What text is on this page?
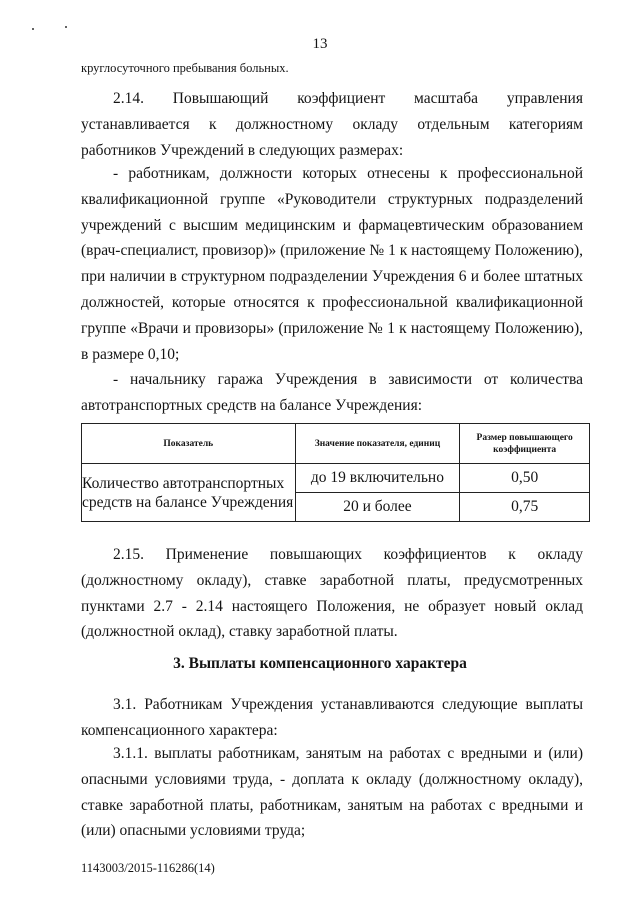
13
круглосуточного пребывания больных.

2.14. Повышающий коэффициент масштаба управления устанавливается к должностному окладу отдельным категориям работников Учреждений в следующих размерах:

- работникам, должности которых отнесены к профессиональной квалификационной группе «Руководители структурных подразделений учреждений с высшим медицинским и фармацевтическим образованием (врач-специалист, провизор)» (приложение № 1 к настоящему Положению), при наличии в структурном подразделении Учреждения 6 и более штатных должностей, которые относятся к профессиональной квалификационной группе «Врачи и провизоры» (приложение № 1 к настоящему Положению), в размере 0,10;

- начальнику гаража Учреждения в зависимости от количества автотранспортных средств на балансе Учреждения:

Показатель	Значение показателя, единиц	Размер повышающего коэффициента
Количество автотранспортных средств на балансе Учреждения	до 19 включительно	0,50
	20 и более	0,75

2.15. Применение повышающих коэффициентов к окладу (должностному окладу), ставке заработной платы, предусмотренных пунктами 2.7 - 2.14 настоящего Положения, не образует новый оклад (должностной оклад), ставку заработной платы.

3. Выплаты компенсационного характера

3.1. Работникам Учреждения устанавливаются следующие выплаты компенсационного характера:

3.1.1. выплаты работникам, занятым на работах с вредными и (или) опасными условиями труда, - доплата к окладу (должностному окладу), ставке заработной платы, работникам, занятым на работах с вредными и (или) опасными условиями труда;

1143003/2015-116286(14)
